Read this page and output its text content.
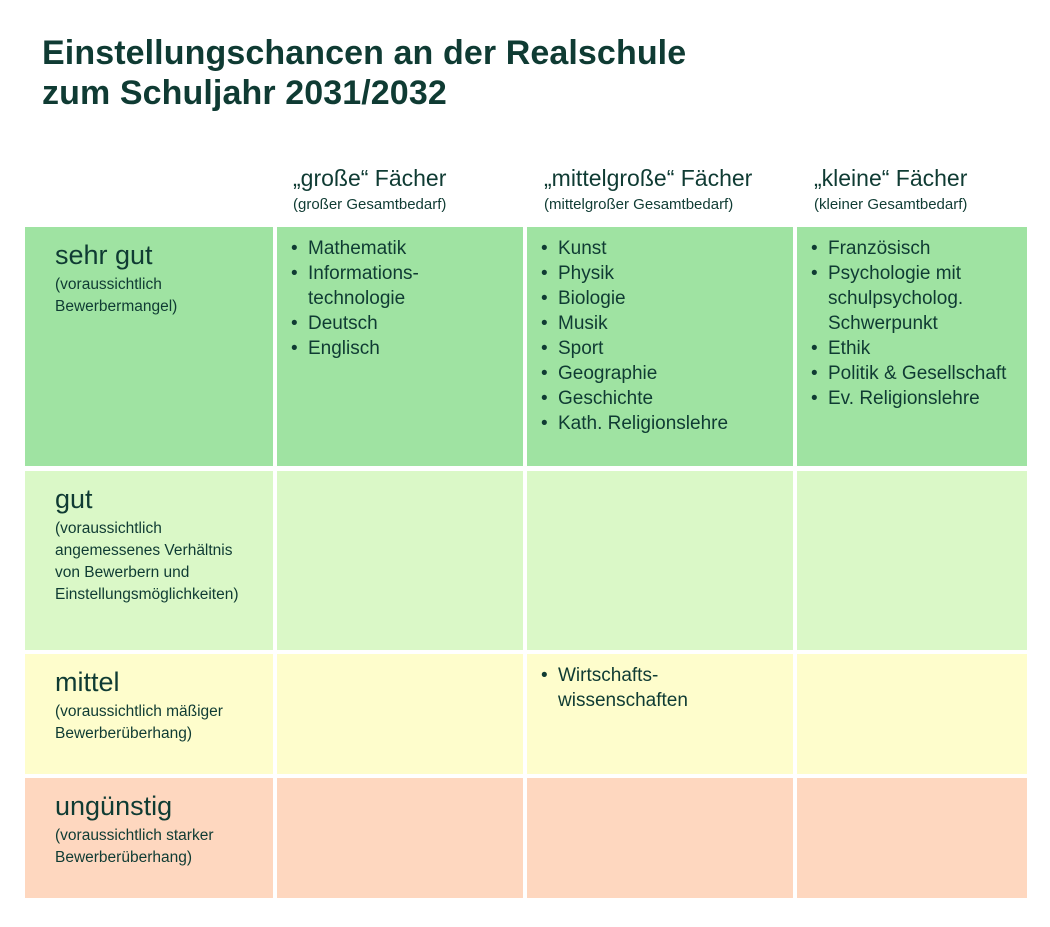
Einstellungschancen an der Realschule
zum Schuljahr 2031/2032
„große“ Fächer
(großer Gesamtbedarf)
„mittelgroße“ Fächer
(mittelgroßer Gesamtbedarf)
„kleine“ Fächer
(kleiner Gesamtbedarf)
sehr gut
(voraussichtlich
Bewerbermangel)
• Mathematik
• Informations-
technologie
• Deutsch
• Englisch
• Kunst
• Physik
• Biologie
• Musik
• Sport
• Geographie
• Geschichte
• Kath. Religionslehre
• Französisch
• Psychologie mit
schulpsycholog.
Schwerpunkt
• Ethik
• Politik & Gesellschaft
• Ev. Religionslehre
gut
(voraussichtlich
angemessenes Verhältnis
von Bewerbern und
Einstellungsmöglichkeiten)
mittel
(voraussichtlich mäßiger
Bewerberüberhang)
• Wirtschafts-
wissenschaften
ungünstig
(voraussichtlich starker
Bewerberüberhang)
